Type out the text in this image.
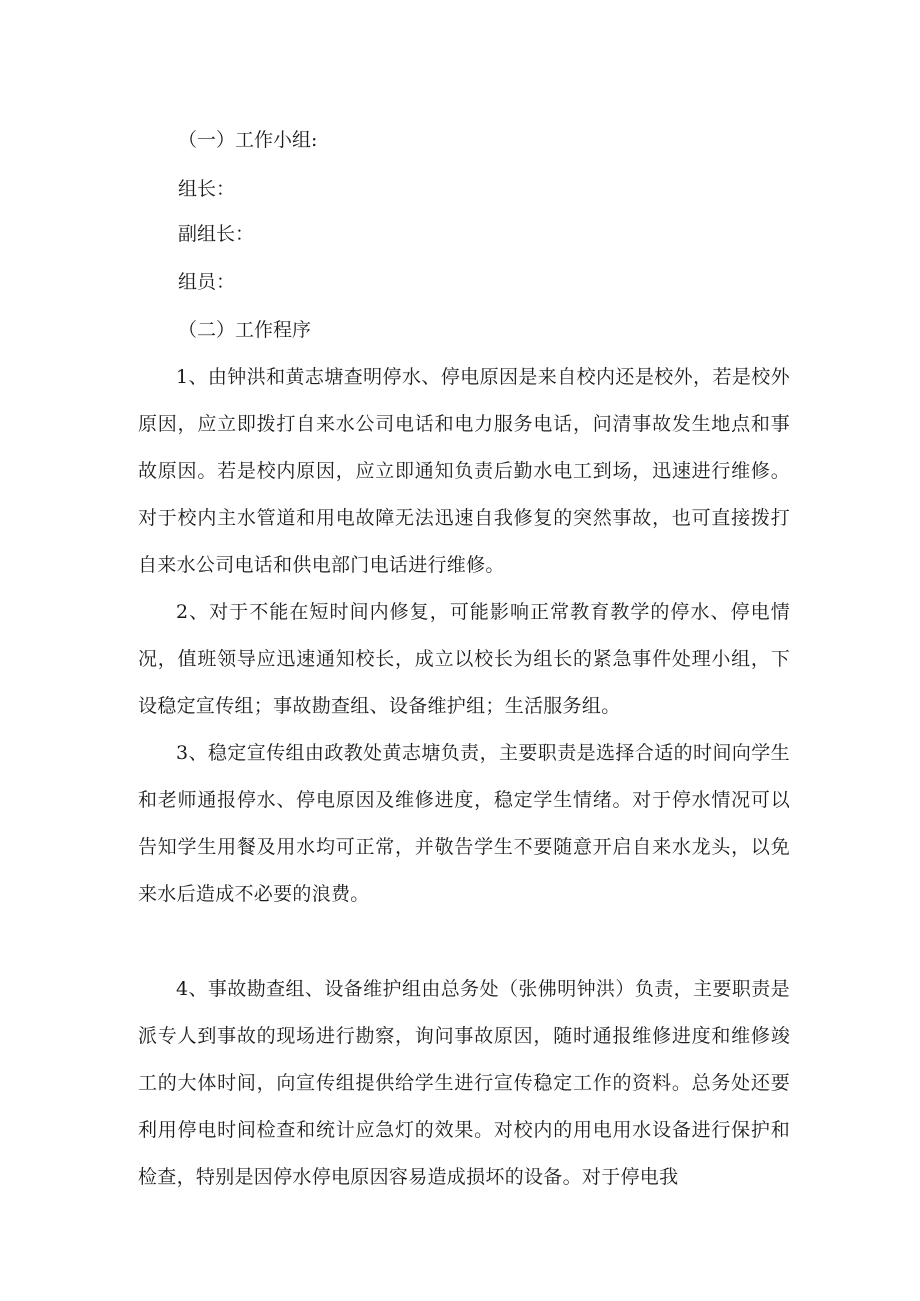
（一）工作小组:

组长：

副组长：

组员：

（二）工作程序

1、由钟洪和黄志塘查明停水、停电原因是来自校内还是校外，若是校外原因，应立即拨打自来水公司电话和电力服务电话，问清事故发生地点和事故原因。若是校内原因，应立即通知负责后勤水电工到场，迅速进行维修。对于校内主水管道和用电故障无法迅速自我修复的突然事故，也可直接拨打自来水公司电话和供电部门电话进行维修。

2、对于不能在短时间内修复，可能影响正常教育教学的停水、停电情况，值班领导应迅速通知校长，成立以校长为组长的紧急事件处理小组，下设稳定宣传组；事故勘查组、设备维护组；生活服务组。

3、稳定宣传组由政教处黄志塘负责，主要职责是选择合适的时间向学生和老师通报停水、停电原因及维修进度，稳定学生情绪。对于停水情况可以告知学生用餐及用水均可正常，并敬告学生不要随意开启自来水龙头，以免来水后造成不必要的浪费。

4、事故勘查组、设备维护组由总务处（张佛明钟洪）负责，主要职责是派专人到事故的现场进行勘察，询问事故原因，随时通报维修进度和维修竣工的大体时间，向宣传组提供给学生进行宣传稳定工作的资料。总务处还要利用停电时间检查和统计应急灯的效果。对校内的用电用水设备进行保护和检查，特别是因停水停电原因容易造成损坏的设备。对于停电我
